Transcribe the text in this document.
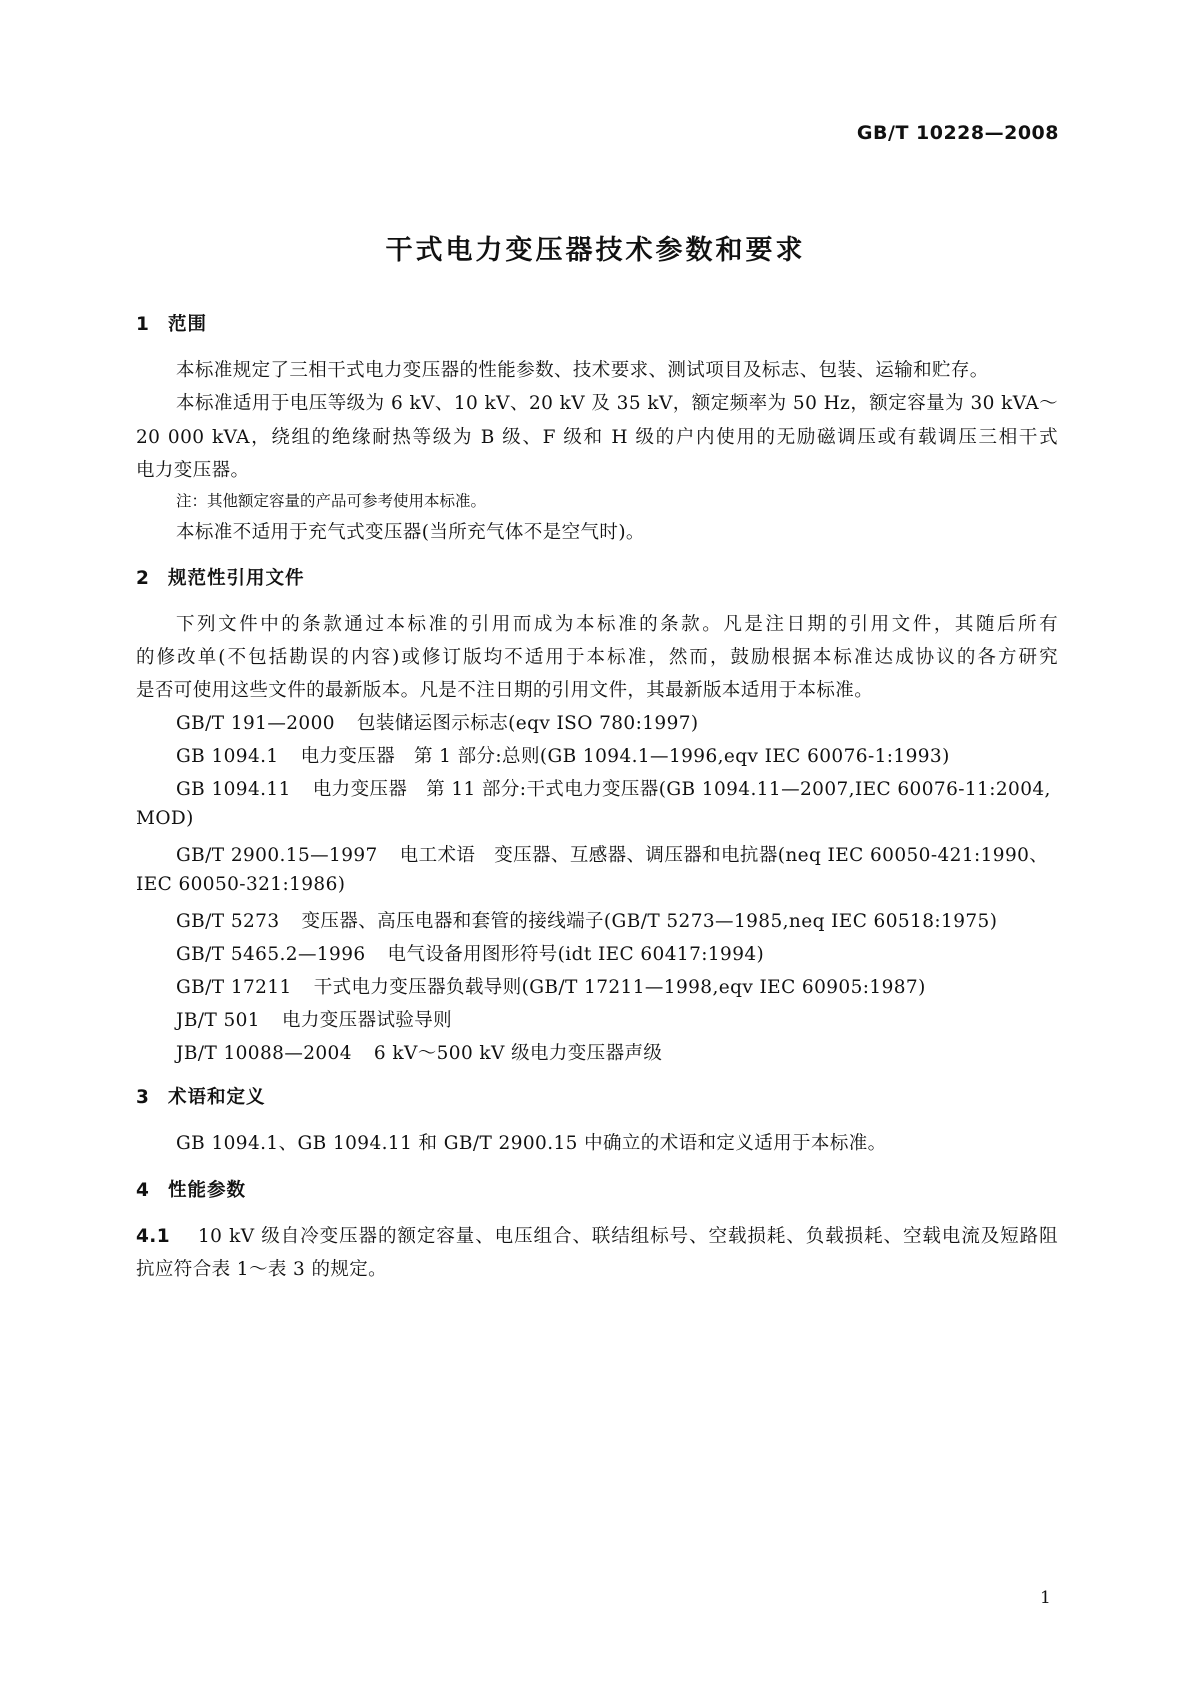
GB/T 10228—2008
干式电力变压器技术参数和要求
1 范围
本标准规定了三相干式电力变压器的性能参数、技术要求、测试项目及标志、包装、运输和贮存。
本标准适用于电压等级为 6 kV、10 kV、20 kV 及 35 kV，额定频率为 50 Hz，额定容量为 30 kVA～
20 000 kVA，绕组的绝缘耐热等级为 B 级、F 级和 H 级的户内使用的无励磁调压或有载调压三相干式
电力变压器。
注：其他额定容量的产品可参考使用本标准。
本标准不适用于充气式变压器(当所充气体不是空气时)。
2 规范性引用文件
下列文件中的条款通过本标准的引用而成为本标准的条款。凡是注日期的引用文件，其随后所有
的修改单(不包括勘误的内容)或修订版均不适用于本标准，然而，鼓励根据本标准达成协议的各方研究
是否可使用这些文件的最新版本。凡是不注日期的引用文件，其最新版本适用于本标准。
GB/T 191—2000 包装储运图示标志(eqv ISO 780:1997)
GB 1094.1 电力变压器　第 1 部分:总则(GB 1094.1—1996,eqv IEC 60076-1:1993)
GB 1094.11 电力变压器　第 11 部分:干式电力变压器(GB 1094.11—2007,IEC 60076-11:2004,
MOD)
GB/T 2900.15—1997 电工术语　变压器、互感器、调压器和电抗器(neq IEC 60050-421:1990、
IEC 60050-321:1986)
GB/T 5273 变压器、高压电器和套管的接线端子(GB/T 5273—1985,neq IEC 60518:1975)
GB/T 5465.2—1996 电气设备用图形符号(idt IEC 60417:1994)
GB/T 17211 干式电力变压器负载导则(GB/T 17211—1998,eqv IEC 60905:1987)
JB/T 501 电力变压器试验导则
JB/T 10088—2004 6 kV～500 kV 级电力变压器声级
3 术语和定义
GB 1094.1、GB 1094.11 和 GB/T 2900.15 中确立的术语和定义适用于本标准。
4 性能参数
4.1 10 kV 级自冷变压器的额定容量、电压组合、联结组标号、空载损耗、负载损耗、空载电流及短路阻
抗应符合表 1～表 3 的规定。
1
